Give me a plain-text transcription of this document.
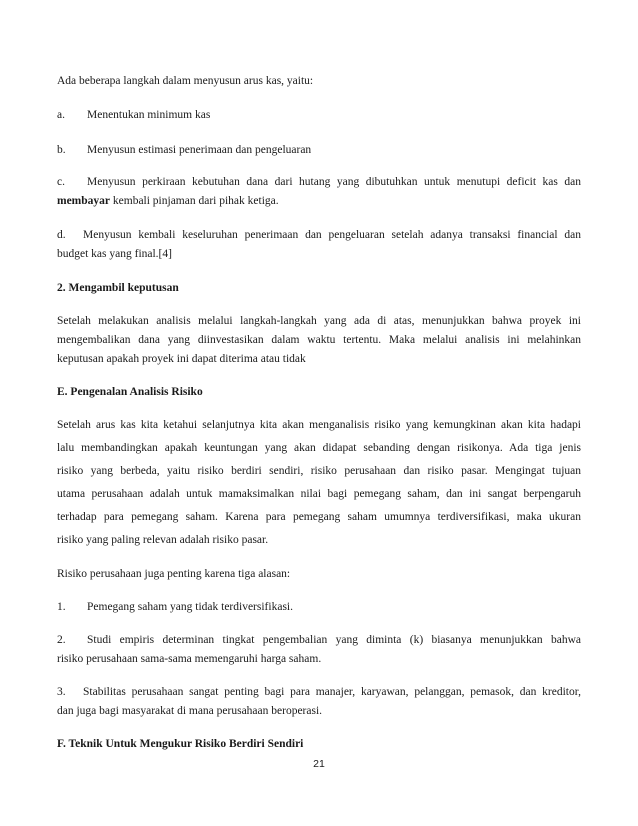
Ada beberapa langkah dalam menyusun arus kas, yaitu:
a. Menentukan minimum kas
b. Menyusun estimasi penerimaan dan pengeluaran
c. Menyusun perkiraan kebutuhan dana dari hutang yang dibutuhkan untuk menutupi deficit kas dan
membayar kembali pinjaman dari pihak ketiga.
d. Menyusun kembali keseluruhan penerimaan dan pengeluaran setelah adanya transaksi financial dan
budget kas yang final.[4]
2. Mengambil keputusan
Setelah melakukan analisis melalui langkah-langkah yang ada di atas, menunjukkan bahwa proyek ini
mengembalikan dana yang diinvestasikan dalam waktu tertentu. Maka melalui analisis ini melahinkan
keputusan apakah proyek ini dapat diterima atau tidak
E. Pengenalan Analisis Risiko
Setelah arus kas kita ketahui selanjutnya kita akan menganalisis risiko yang kemungkinan akan kita hadapi
lalu membandingkan apakah keuntungan yang akan didapat sebanding dengan risikonya. Ada tiga jenis
risiko yang berbeda, yaitu risiko berdiri sendiri, risiko perusahaan dan risiko pasar. Mengingat tujuan
utama perusahaan adalah untuk mamaksimalkan nilai bagi pemegang saham, dan ini sangat berpengaruh
terhadap para pemegang saham. Karena para pemegang saham umumnya terdiversifikasi, maka ukuran
risiko yang paling relevan adalah risiko pasar.
Risiko perusahaan juga penting karena tiga alasan:
1. Pemegang saham yang tidak terdiversifikasi.
2. Studi empiris determinan tingkat pengembalian yang diminta (k) biasanya menunjukkan bahwa
risiko perusahaan sama-sama memengaruhi harga saham.
3. Stabilitas perusahaan sangat penting bagi para manajer, karyawan, pelanggan, pemasok, dan kreditor,
dan juga bagi masyarakat di mana perusahaan beroperasi.
F. Teknik Untuk Mengukur Risiko Berdiri Sendiri
21
